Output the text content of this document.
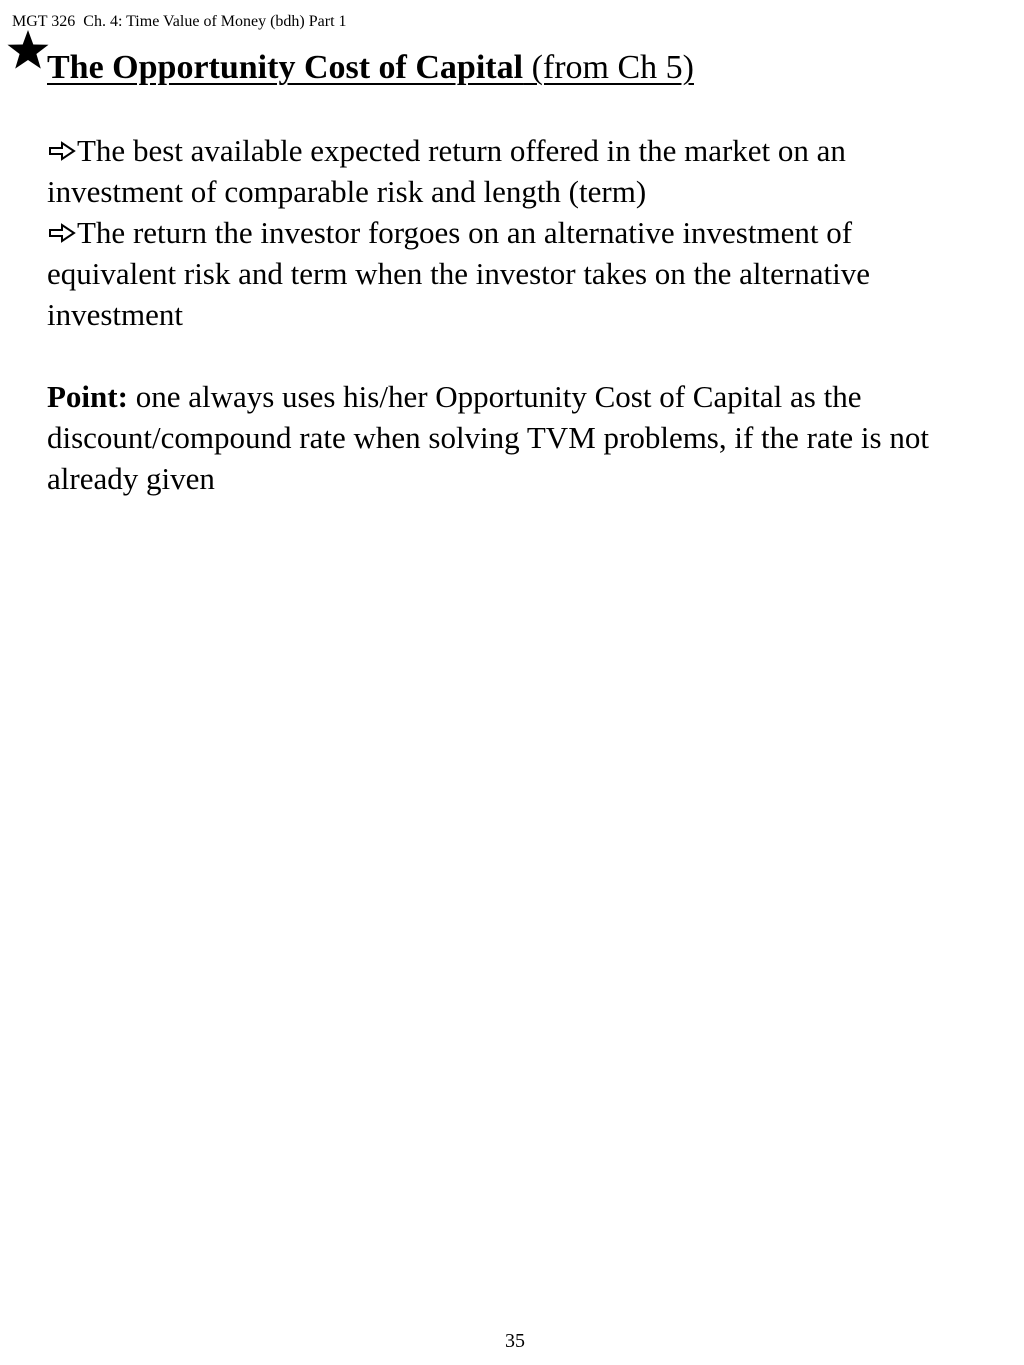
MGT 326  Ch. 4: Time Value of Money (bdh) Part 1
The Opportunity Cost of Capital (from Ch 5)

The best available expected return offered in the market on an investment of comparable risk and length (term)

The return the investor forgoes on an alternative investment of equivalent risk and term when the investor takes on the alternative investment

Point: one always uses his/her Opportunity Cost of Capital as the discount/compound rate when solving TVM problems, if the rate is not already given

35
